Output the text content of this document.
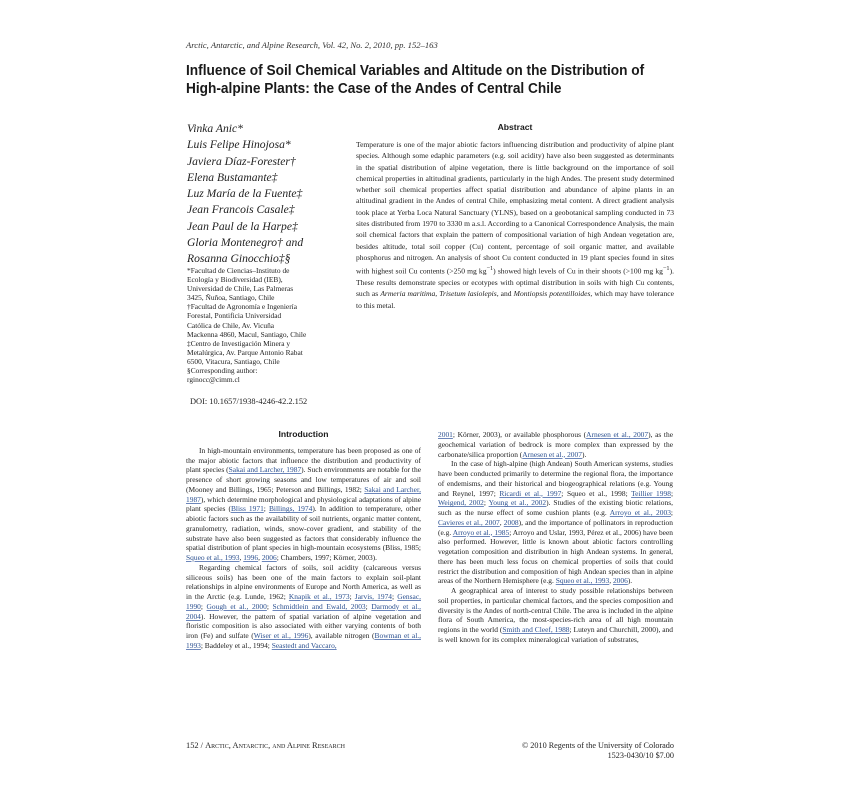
Arctic, Antarctic, and Alpine Research, Vol. 42, No. 2, 2010, pp. 152–163
Influence of Soil Chemical Variables and Altitude on the Distribution of
High-alpine Plants: the Case of the Andes of Central Chile
Vinka Anic*
Luis Felipe Hinojosa*
Javiera Díaz-Forester†
Elena Bustamante‡
Luz María de la Fuente‡
Jean Francois Casale‡
Jean Paul de la Harpe‡
Gloria Montenegro† and
Rosanna Ginocchio‡§
*Facultad de Ciencias–Instituto de
Ecología y Biodiversidad (IEB),
Universidad de Chile, Las Palmeras
3425, Ñuñoa, Santiago, Chile
†Facultad de Agronomía e Ingeniería
Forestal, Pontificia Universidad
Católica de Chile, Av. Vicuña
Mackenna 4860, Macul, Santiago, Chile
‡Centro de Investigación Minera y
Metalúrgica, Av. Parque Antonio Rabat
6500, Vitacura, Santiago, Chile
§Corresponding author:
rginocc@cimm.cl
DOI: 10.1657/1938-4246-42.2.152
Abstract

Temperature is one of the major abiotic factors influencing distribution and productivity of alpine plant species. Although some edaphic parameters (e.g. soil acidity) have also been suggested as determinants in the spatial distribution of alpine vegetation, there is little background on the importance of soil chemical properties in altitudinal gradients, particularly in the high Andes. The present study determined whether soil chemical properties affect spatial distribution and abundance of alpine plants in an altitudinal gradient in the Andes of central Chile, emphasizing metal content. A direct gradient analysis took place at Yerba Loca Natural Sanctuary (YLNS), based on a geobotanical sampling conducted in 73 sites distributed from 1970 to 3330 m a.s.l. According to a Canonical Correspondence Analysis, the main soil chemical factors that explain the pattern of compositional variation of high Andean vegetation are, besides altitude, total soil copper (Cu) content, percentage of soil organic matter, and available phosphorus and nitrogen. An analysis of shoot Cu content conducted in 19 plant species found in sites with highest soil Cu contents (>250 mg $kg^{-1}$) showed high levels of Cu in their shoots (>100 mg $kg^{-1}$). These results demonstrate species or ecotypes with optimal distribution in soils with high Cu contents, such as Armeria maritima, Trisetum lasiolepis, and Montiopsis potentilloides, which may have tolerance to this metal.

Introduction

In high-mountain environments, temperature has been proposed as one of the major abiotic factors that influence the distribution and productivity of plant species (Sakai and Larcher, 1987). Such environments are notable for the presence of short growing seasons and low temperatures of air and soil (Mooney and Billings, 1965; Peterson and Billings, 1982; Sakai and Larcher, 1987), which determine morphological and physiological adaptations of alpine plant species (Bliss 1971; Billings, 1974). In addition to temperature, other abiotic factors such as the availability of soil nutrients, organic matter content, granulometry, radiation, winds, snow-cover gradient, and stability of the substrate have also been suggested as factors that considerably influence the spatial distribution of plant species in high-mountain ecosystems (Bliss, 1985; Squeo et al., 1993, 1996, 2006; Chambers, 1997; Körner, 2003).

Regarding chemical factors of soils, soil acidity (calcareous versus siliceous soils) has been one of the main factors to explain soil-plant relationships in alpine environments of Europe and North America, as well as in the Arctic (e.g. Lunde, 1962; Knapik et al., 1973; Jarvis, 1974; Gensac, 1990; Gough et al., 2000; Schmidtlein and Ewald, 2003; Darmody et al., 2004). However, the pattern of spatial variation of alpine vegetation and floristic composition is also associated with either varying contents of both iron (Fe) and sulfate (Wiser et al., 1996), available nitrogen (Bowman et al., 1993; Baddeley et al., 1994; Seastedt and Vaccaro,

2001; Körner, 2003), or available phosphorous (Arnesen et al., 2007), as the geochemical variation of bedrock is more complex than expressed by the carbonate/silica proportion (Arnesen et al., 2007).

In the case of high-alpine (high Andean) South American systems, studies have been conducted primarily to determine the regional flora, the importance of endemisms, and their historical and biogeographical relations (e.g. Young and Reynel, 1997; Ricardi et al., 1997; Squeo et al., 1998; Teillier 1998; Weigend, 2002; Young et al., 2002). Studies of the existing biotic relations, such as the nurse effect of some cushion plants (e.g. Arroyo et al., 2003; Cavieres et al., 2007, 2008), and the importance of pollinators in reproduction (e.g. Arroyo et al., 1985; Arroyo and Uslar, 1993, Pérez et al., 2006) have been also performed. However, little is known about abiotic factors controlling vegetation composition and distribution in high Andean systems. In general, there has been much less focus on chemical properties of soils that could restrict the distribution and composition of high Andean species than in alpine areas of the Northern Hemisphere (e.g. Squeo et al., 1993, 2006).

A geographical area of interest to study possible relationships between soil properties, in particular chemical factors, and the species composition and diversity is the Andes of north-central Chile. The area is included in the alpine flora of South America, the most-species-rich area of all high mountain regions in the world (Smith and Cleef, 1988; Luteyn and Churchill, 2000), and is well known for its complex mineralogical variation of substrates,

152 / Arctic, Antarctic, and Alpine Research	© 2010 Regents of the University of Colorado
1523-0430/10 $7.00
